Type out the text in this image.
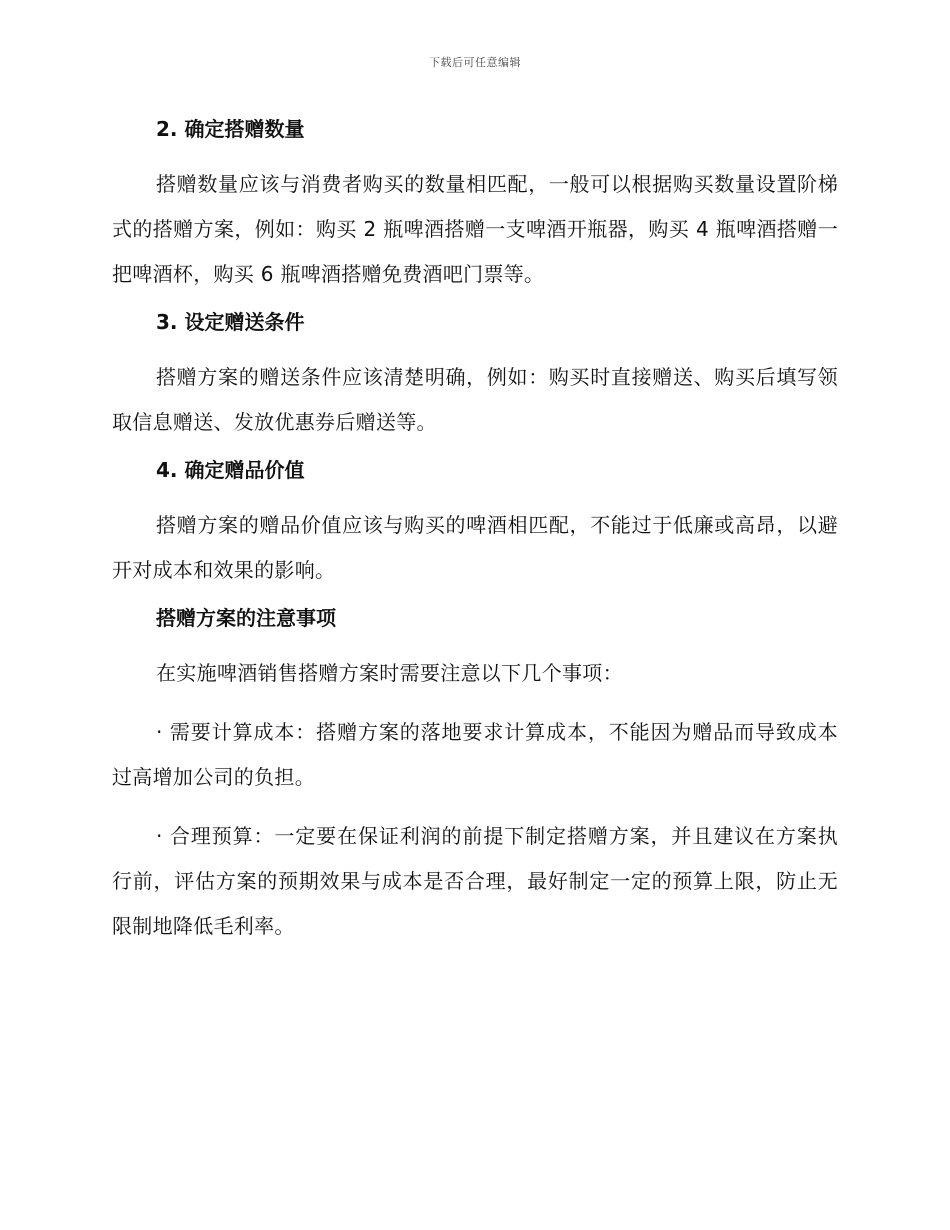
下载后可任意编辑
2. 确定搭赠数量

搭赠数量应该与消费者购买的数量相匹配，一般可以根据购买数量设置阶梯式的搭赠方案，例如：购买 2 瓶啤酒搭赠一支啤酒开瓶器，购买 4 瓶啤酒搭赠一把啤酒杯，购买 6 瓶啤酒搭赠免费酒吧门票等。

3. 设定赠送条件

搭赠方案的赠送条件应该清楚明确，例如：购买时直接赠送、购买后填写领取信息赠送、发放优惠券后赠送等。

4. 确定赠品价值

搭赠方案的赠品价值应该与购买的啤酒相匹配，不能过于低廉或高昂，以避开对成本和效果的影响。

搭赠方案的注意事项

在实施啤酒销售搭赠方案时需要注意以下几个事项：

· 需要计算成本：搭赠方案的落地要求计算成本，不能因为赠品而导致成本过高增加公司的负担。

· 合理预算：一定要在保证利润的前提下制定搭赠方案，并且建议在方案执行前，评估方案的预期效果与成本是否合理，最好制定一定的预算上限，防止无限制地降低毛利率。
